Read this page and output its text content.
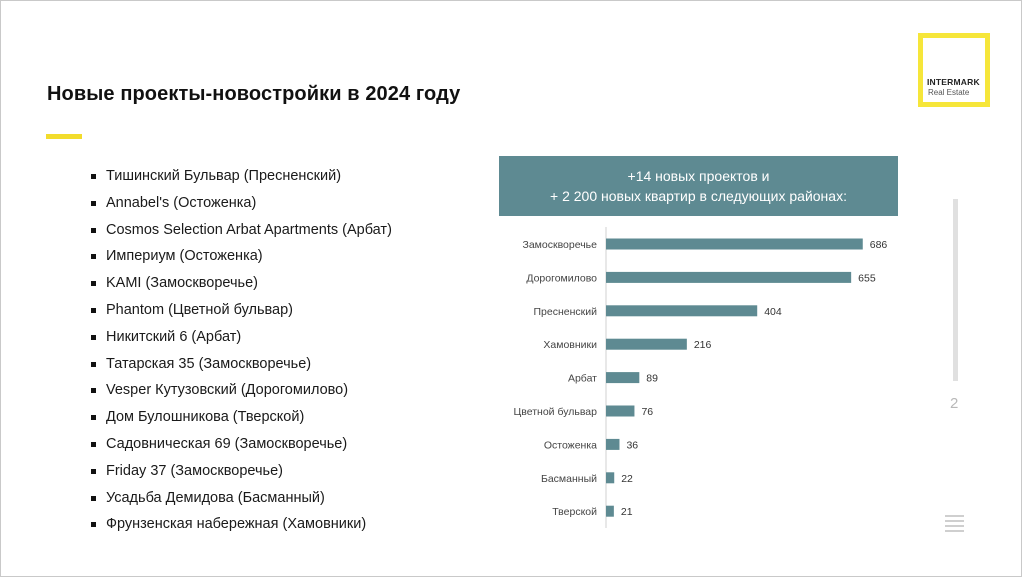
Новые проекты-новостройки в 2024 году
INTERMARK
Real Estate
Тишинский Бульвар (Пресненский)
Annabel's (Остоженка)
Cosmos Selection Arbat Apartments (Арбат)
Империум (Остоженка)
KAMI (Замоскворечье)
Phantom (Цветной бульвар)
Никитский 6 (Арбат)
Татарская 35 (Замоскворечье)
Vesper Кутузовский (Дорогомилово)
Дом Булошникова (Тверской)
Садовническая 69 (Замоскворечье)
Friday 37 (Замоскворечье)
Усадьба Демидова (Басманный)
Фрунзенская набережная (Хамовники)
+14 новых проектов и
+ 2 200 новых квартир в следующих районах:
Замоскворечье	686
Дорогомилово	655
Пресненский	404
Хамовники	216
Арбат	89
Цветной бульвар	76
Остоженка	36
Басманный 22
Тверской 21
2
